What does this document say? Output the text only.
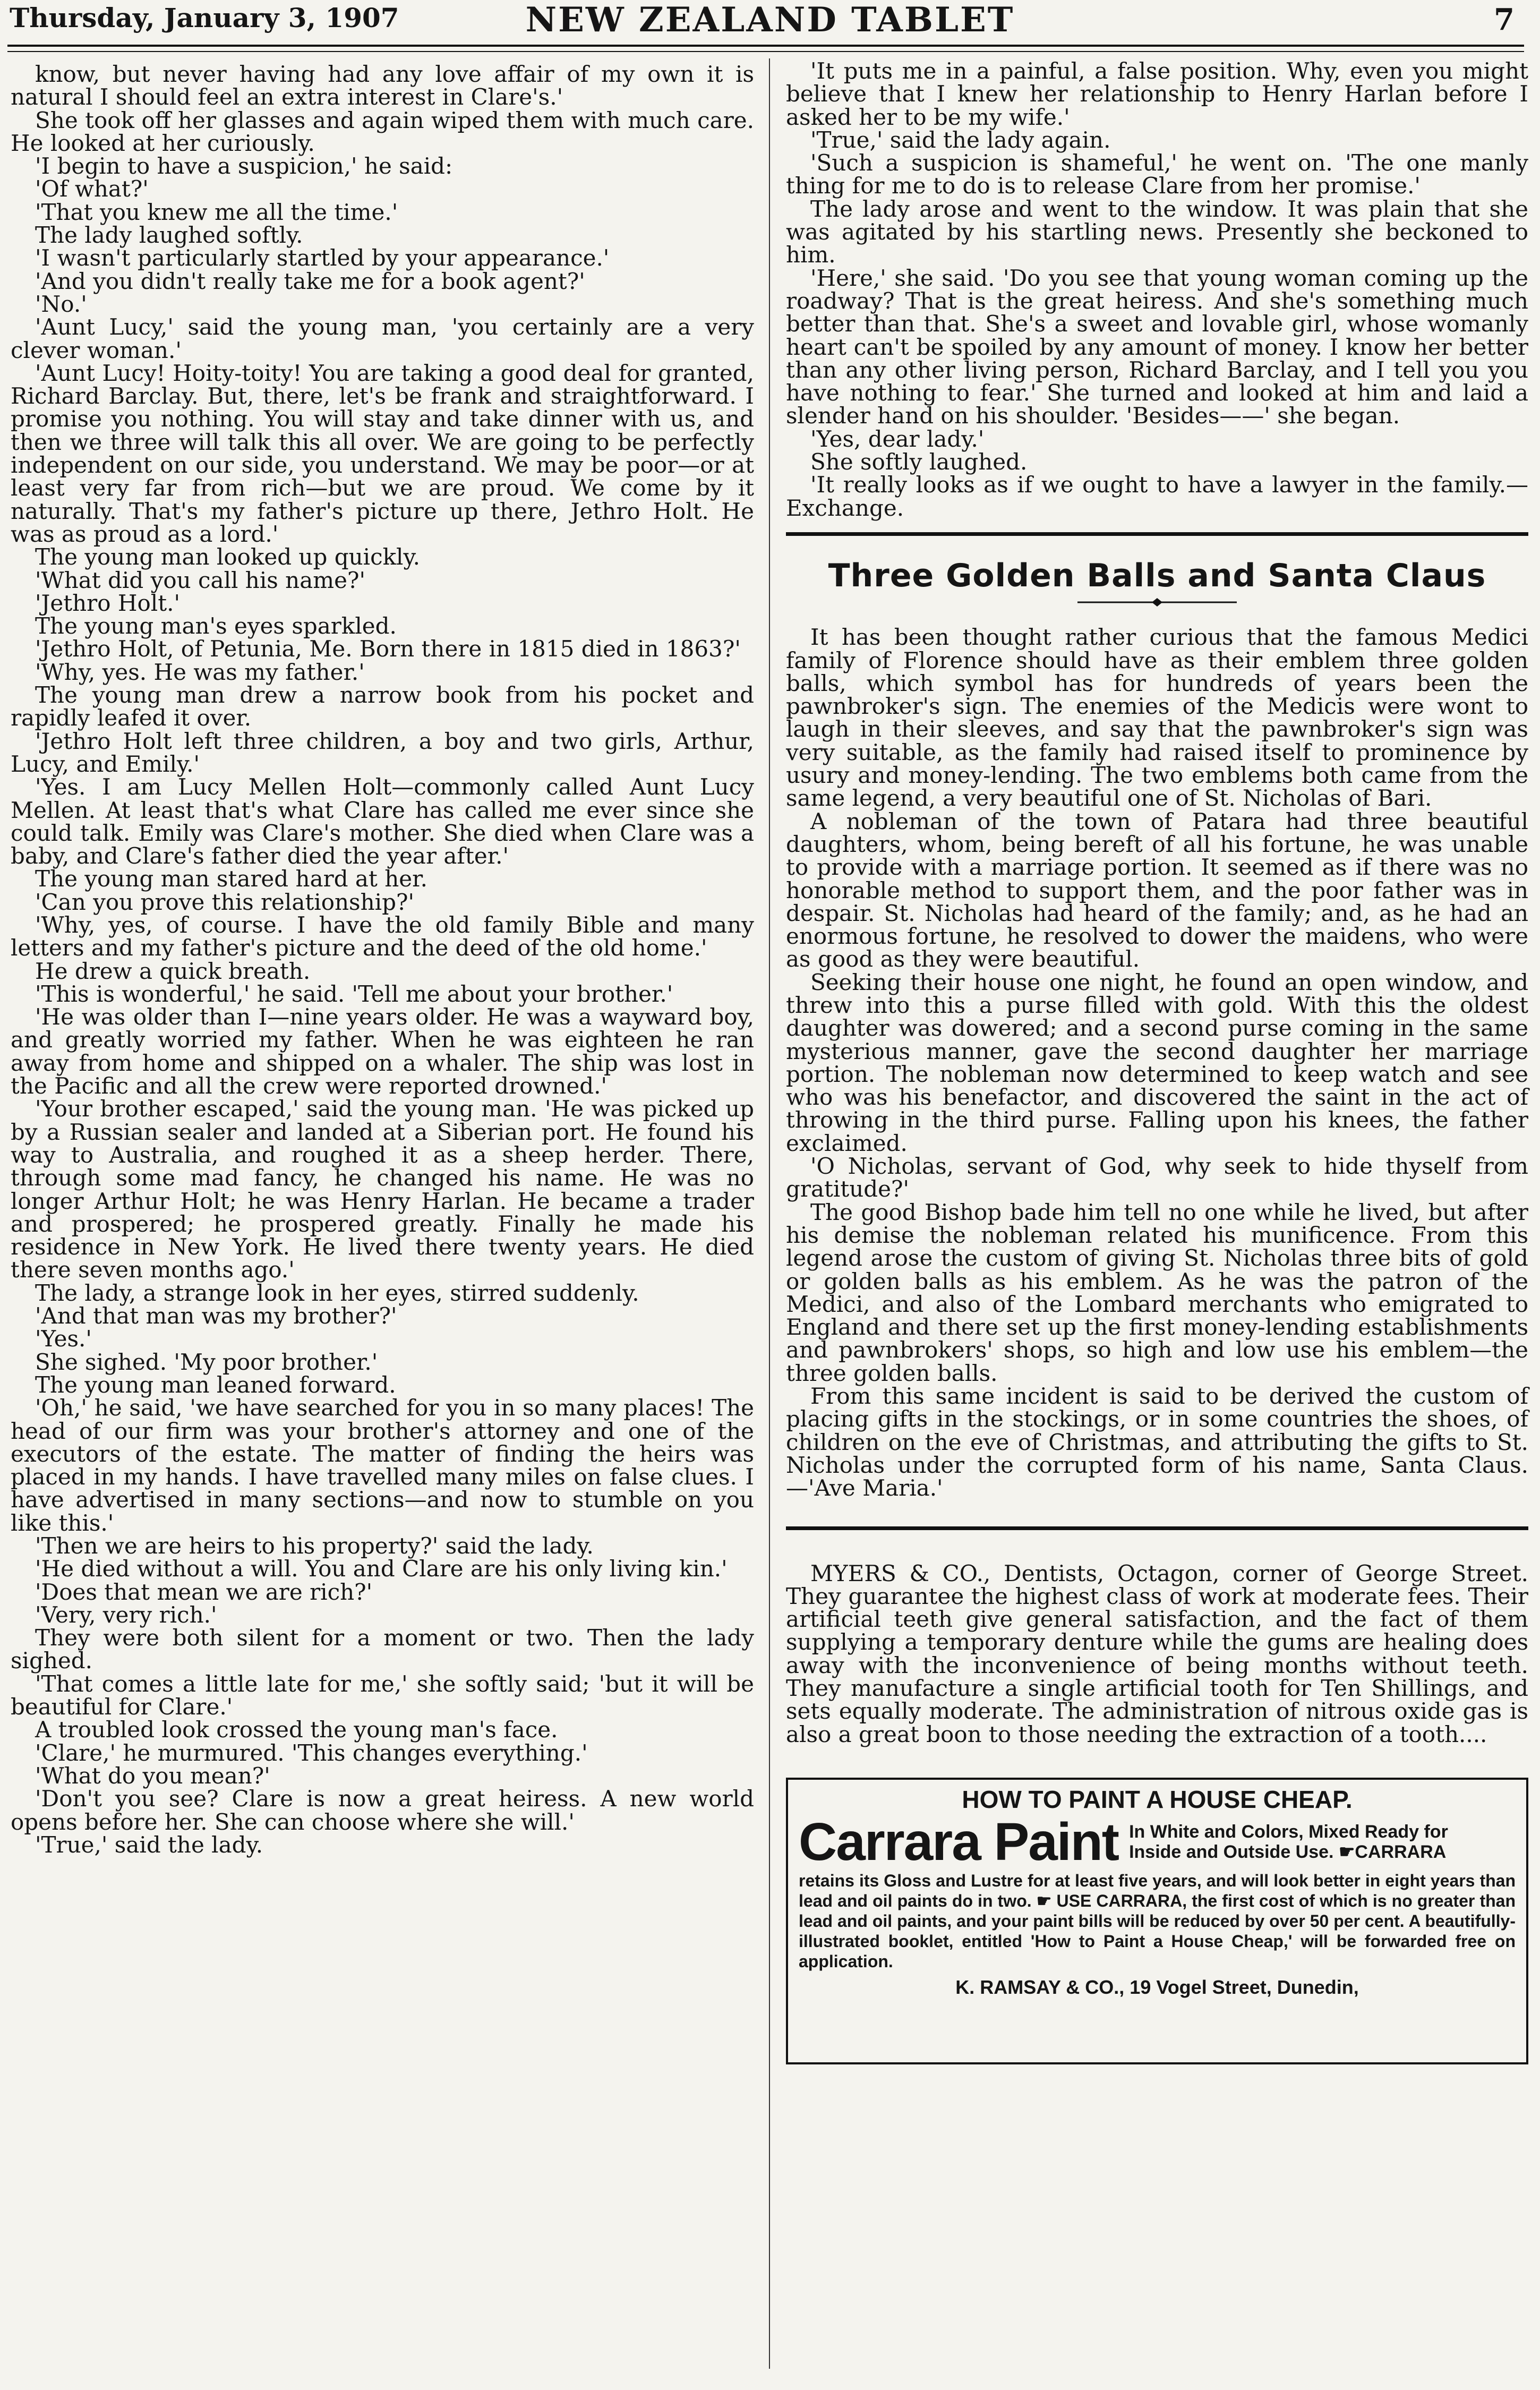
Thursday, January 3, 1907	NEW ZEALAND TABLET	7

know, but never having had any love affair of my own it is natural I should feel an extra interest in Clare's.'

She took off her glasses and again wiped them with much care. He looked at her curiously.

'I begin to have a suspicion,' he said:

'Of what?'

'That you knew me all the time.'

The lady laughed softly.

'I wasn't particularly startled by your appearance.'

'And you didn't really take me for a book agent?'

'No.'

'Aunt Lucy,' said the young man, 'you certainly are a very clever woman.'

'Aunt Lucy! Hoity-toity! You are taking a good deal for granted, Richard Barclay. But, there, let's be frank and straightforward. I promise you nothing. You will stay and take dinner with us, and then we three will talk this all over. We are going to be perfectly independent on our side, you understand. We may be poor—or at least very far from rich—but we are proud. We come by it naturally. That's my father's picture up there, Jethro Holt. He was as proud as a lord.'

The young man looked up quickly.

'What did you call his name?'

'Jethro Holt.'

The young man's eyes sparkled.

'Jethro Holt, of Petunia, Me. Born there in 1815 died in 1863?'

'Why, yes. He was my father.'

The young man drew a narrow book from his pocket and rapidly leafed it over.

'Jethro Holt left three children, a boy and two girls, Arthur, Lucy, and Emily.'

'Yes. I am Lucy Mellen Holt—commonly called Aunt Lucy Mellen. At least that's what Clare has called me ever since she could talk. Emily was Clare's mother. She died when Clare was a baby, and Clare's father died the year after.'

The young man stared hard at her.

'Can you prove this relationship?'

'Why, yes, of course. I have the old family Bible and many letters and my father's picture and the deed of the old home.'

He drew a quick breath.

'This is wonderful,' he said. 'Tell me about your brother.'

'He was older than I—nine years older. He was a wayward boy, and greatly worried my father. When he was eighteen he ran away from home and shipped on a whaler. The ship was lost in the Pacific and all the crew were reported drowned.'

'Your brother escaped,' said the young man. 'He was picked up by a Russian sealer and landed at a Siberian port. He found his way to Australia, and roughed it as a sheep herder. There, through some mad fancy, he changed his name. He was no longer Arthur Holt; he was Henry Harlan. He became a trader and prospered; he prospered greatly. Finally he made his residence in New York. He lived there twenty years. He died there seven months ago.'

The lady, a strange look in her eyes, stirred suddenly.

'And that man was my brother?'

'Yes.'

She sighed. 'My poor brother.'

The young man leaned forward.

'Oh,' he said, 'we have searched for you in so many places! The head of our firm was your brother's attorney and one of the executors of the estate. The matter of finding the heirs was placed in my hands. I have travelled many miles on false clues. I have advertised in many sections—and now to stumble on you like this.'

'Then we are heirs to his property?' said the lady.

'He died without a will. You and Clare are his only living kin.'

'Does that mean we are rich?'

'Very, very rich.'

They were both silent for a moment or two. Then the lady sighed.

'That comes a little late for me,' she softly said; 'but it will be beautiful for Clare.'

A troubled look crossed the young man's face.

'Clare,' he murmured. 'This changes everything.'

'What do you mean?'

'Don't you see? Clare is now a great heiress. A new world opens before her. She can choose where she will.'

'True,' said the lady.

'It puts me in a painful, a false position. Why, even you might believe that I knew her relationship to Henry Harlan before I asked her to be my wife.'

'True,' said the lady again.

'Such a suspicion is shameful,' he went on. 'The one manly thing for me to do is to release Clare from her promise.'

The lady arose and went to the window. It was plain that she was agitated by his startling news. Presently she beckoned to him.

'Here,' she said. 'Do you see that young woman coming up the roadway? That is the great heiress. And she's something much better than that. She's a sweet and lovable girl, whose womanly heart can't be spoiled by any amount of money. I know her better than any other living person, Richard Barclay, and I tell you you have nothing to fear.' She turned and looked at him and laid a slender hand on his shoulder. 'Besides——' she began.

'Yes, dear lady.'

She softly laughed.

'It really looks as if we ought to have a lawyer in the family.—Exchange.

Three Golden Balls and Santa Claus

It has been thought rather curious that the famous Medici family of Florence should have as their emblem three golden balls, which symbol has for hundreds of years been the pawnbroker's sign. The enemies of the Medicis were wont to laugh in their sleeves, and say that the pawnbroker's sign was very suitable, as the family had raised itself to prominence by usury and money-lending. The two emblems both came from the same legend, a very beautiful one of St. Nicholas of Bari.

A nobleman of the town of Patara had three beautiful daughters, whom, being bereft of all his fortune, he was unable to provide with a marriage portion. It seemed as if there was no honorable method to support them, and the poor father was in despair. St. Nicholas had heard of the family; and, as he had an enormous fortune, he resolved to dower the maidens, who were as good as they were beautiful.

Seeking their house one night, he found an open window, and threw into this a purse filled with gold. With this the oldest daughter was dowered; and a second purse coming in the same mysterious manner, gave the second daughter her marriage portion. The nobleman now determined to keep watch and see who was his benefactor, and discovered the saint in the act of throwing in the third purse. Falling upon his knees, the father exclaimed.

'O Nicholas, servant of God, why seek to hide thyself from gratitude?'

The good Bishop bade him tell no one while he lived, but after his demise the nobleman related his munificence. From this legend arose the custom of giving St. Nicholas three bits of gold or golden balls as his emblem. As he was the patron of the Medici, and also of the Lombard merchants who emigrated to England and there set up the first money-lending establishments and pawnbrokers' shops, so high and low use his emblem—the three golden balls.

From this same incident is said to be derived the custom of placing gifts in the stockings, or in some countries the shoes, of children on the eve of Christmas, and attributing the gifts to St. Nicholas under the corrupted form of his name, Santa Claus.—'Ave Maria.'

MYERS & CO., Dentists, Octagon, corner of George Street. They guarantee the highest class of work at moderate fees. Their artificial teeth give general satisfaction, and the fact of them supplying a temporary denture while the gums are healing does away with the inconvenience of being months without teeth. They manufacture a single artificial tooth for Ten Shillings, and sets equally moderate. The administration of nitrous oxide gas is also a great boon to those needing the extraction of a tooth....

HOW TO PAINT A HOUSE CHEAP.
Carrara Paint In White and Colors, Mixed Ready for
Inside and Outside Use. ☛CARRARA
retains its Gloss and Lustre for at least five years, and will look better in eight years than lead and oil paints do in two. ☛ USE CARRARA, the first cost of which is no greater than lead and oil paints, and your paint bills will be reduced by over 50 per cent. A beautifully-illustrated booklet, entitled 'How to Paint a House Cheap,' will be forwarded free on application.
K. RAMSAY & CO., 19 Vogel Street, Dunedin,
